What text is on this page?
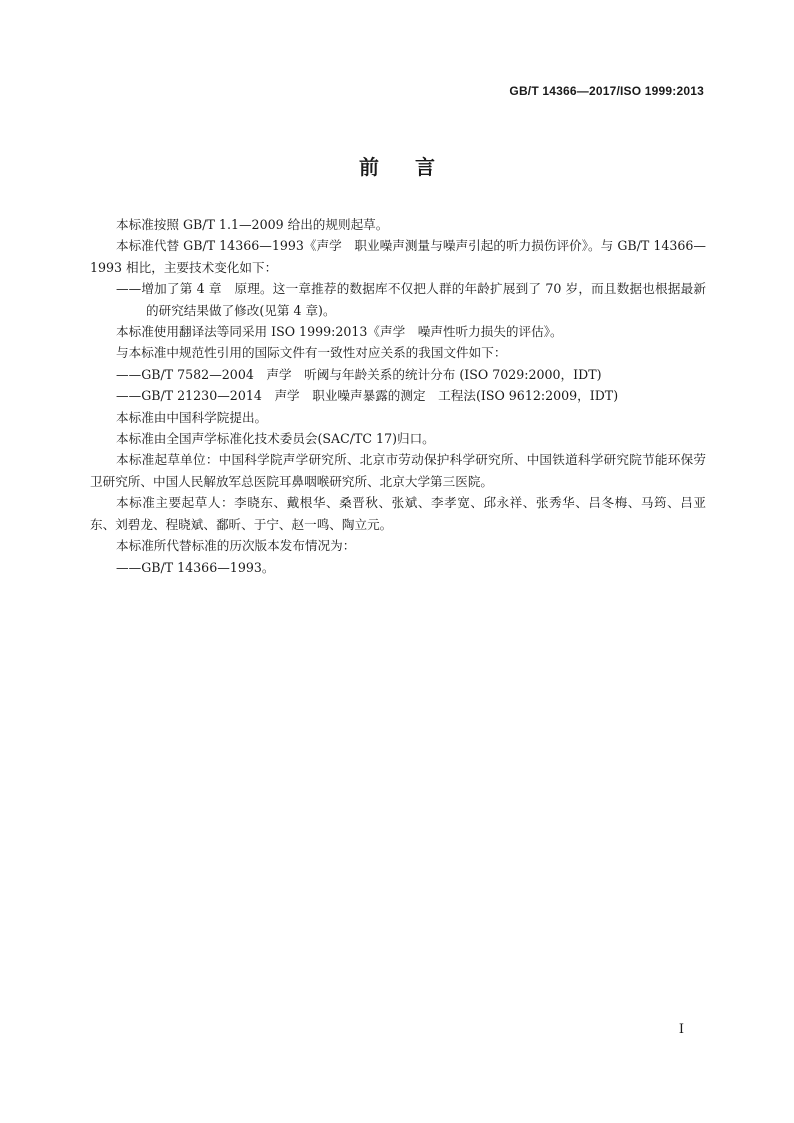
GB/T 14366—2017/ISO 1999:2013
前言

本标准按照 GB/T 1.1—2009 给出的规则起草。

本标准代替 GB/T 14366—1993《声学　职业噪声测量与噪声引起的听力损伤评价》。与 GB/T 14366—1993 相比，主要技术变化如下：

——增加了第 4 章　原理。这一章推荐的数据库不仅把人群的年龄扩展到了 70 岁，而且数据也根据最新的研究结果做了修改(见第 4 章)。

本标准使用翻译法等同采用 ISO 1999:2013《声学　噪声性听力损失的评估》。

与本标准中规范性引用的国际文件有一致性对应关系的我国文件如下：

——GB/T 7582—2004　声学　听阈与年龄关系的统计分布 (ISO 7029:2000，IDT)

——GB/T 21230—2014　声学　职业噪声暴露的测定　工程法(ISO 9612:2009，IDT)

本标准由中国科学院提出。

本标准由全国声学标准化技术委员会(SAC/TC 17)归口。

本标准起草单位：中国科学院声学研究所、北京市劳动保护科学研究所、中国铁道科学研究院节能环保劳卫研究所、中国人民解放军总医院耳鼻咽喉研究所、北京大学第三医院。

本标准主要起草人：李晓东、戴根华、桑晋秋、张斌、李孝宽、邱永祥、张秀华、吕冬梅、马筠、吕亚东、刘碧龙、程晓斌、鄱昕、于宁、赵一鸣、陶立元。

本标准所代替标准的历次版本发布情况为：

——GB/T 14366—1993。

I
